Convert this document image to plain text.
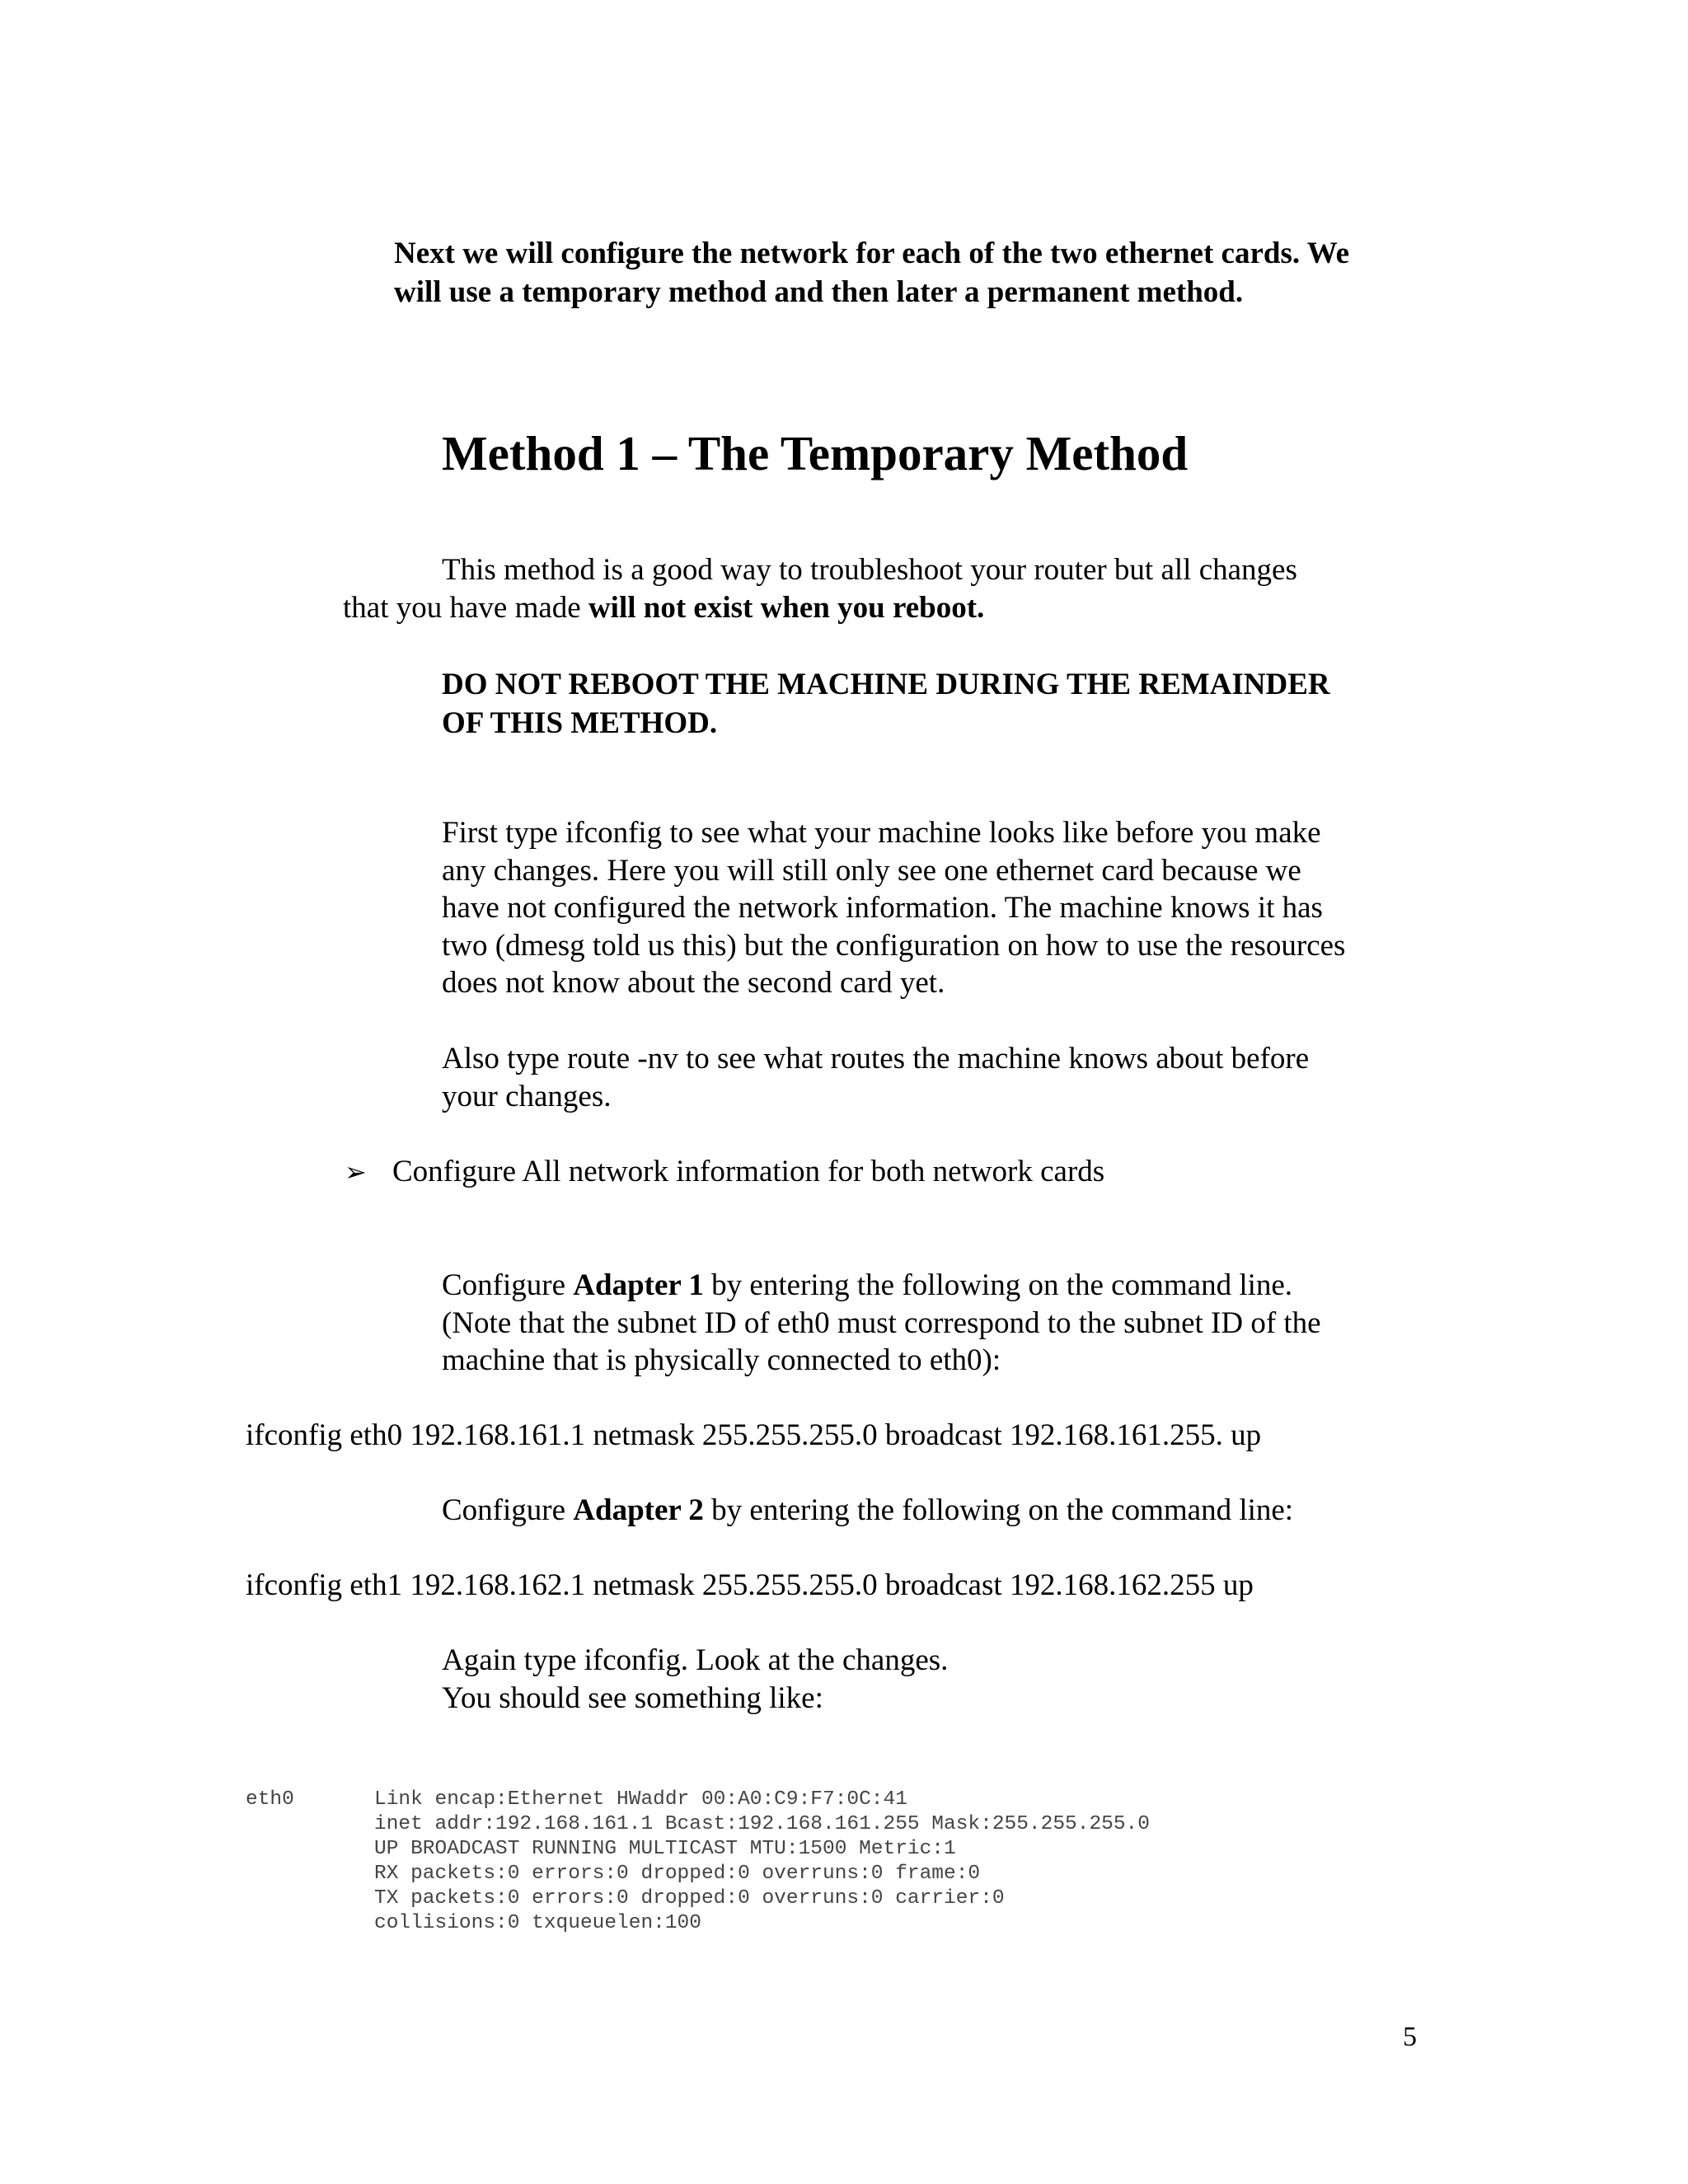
Next we will configure the network for each of the two ethernet cards. We

will use a temporary method and then later a permanent method.

Method 1 – The Temporary Method
This method is a good way to troubleshoot your router but all changes
that you have made will not exist when you reboot.
DO NOT REBOOT THE MACHINE DURING THE REMAINDER
OF THIS METHOD.
First type ifconfig to see what your machine looks like before you make
any changes. Here you will still only see one ethernet card because we
have not configured the network information. The machine knows it has
two (dmesg told us this) but the configuration on how to use the resources
does not know about the second card yet.
Also type route -nv to see what routes the machine knows about before
your changes.
➢ Configure All network information for both network cards
Configure Adapter 1 by entering the following on the command line.
(Note that the subnet ID of eth0 must correspond to the subnet ID of the
machine that is physically connected to eth0):
ifconfig eth0 192.168.161.1 netmask 255.255.255.0 broadcast 192.168.161.255. up
Configure Adapter 2 by entering the following on the command line:
ifconfig eth1 192.168.162.1 netmask 255.255.255.0 broadcast 192.168.162.255 up
Again type ifconfig. Look at the changes.
You should see something like:
eth0	Link encap:Ethernet HWaddr 00:A0:C9:F7:0C:41
inet addr:192.168.161.1 Bcast:192.168.161.255 Mask:255.255.255.0
UP BROADCAST RUNNING MULTICAST MTU:1500 Metric:1
RX packets:0 errors:0 dropped:0 overruns:0 frame:0
TX packets:0 errors:0 dropped:0 overruns:0 carrier:0
collisions:0 txqueuelen:100
5
